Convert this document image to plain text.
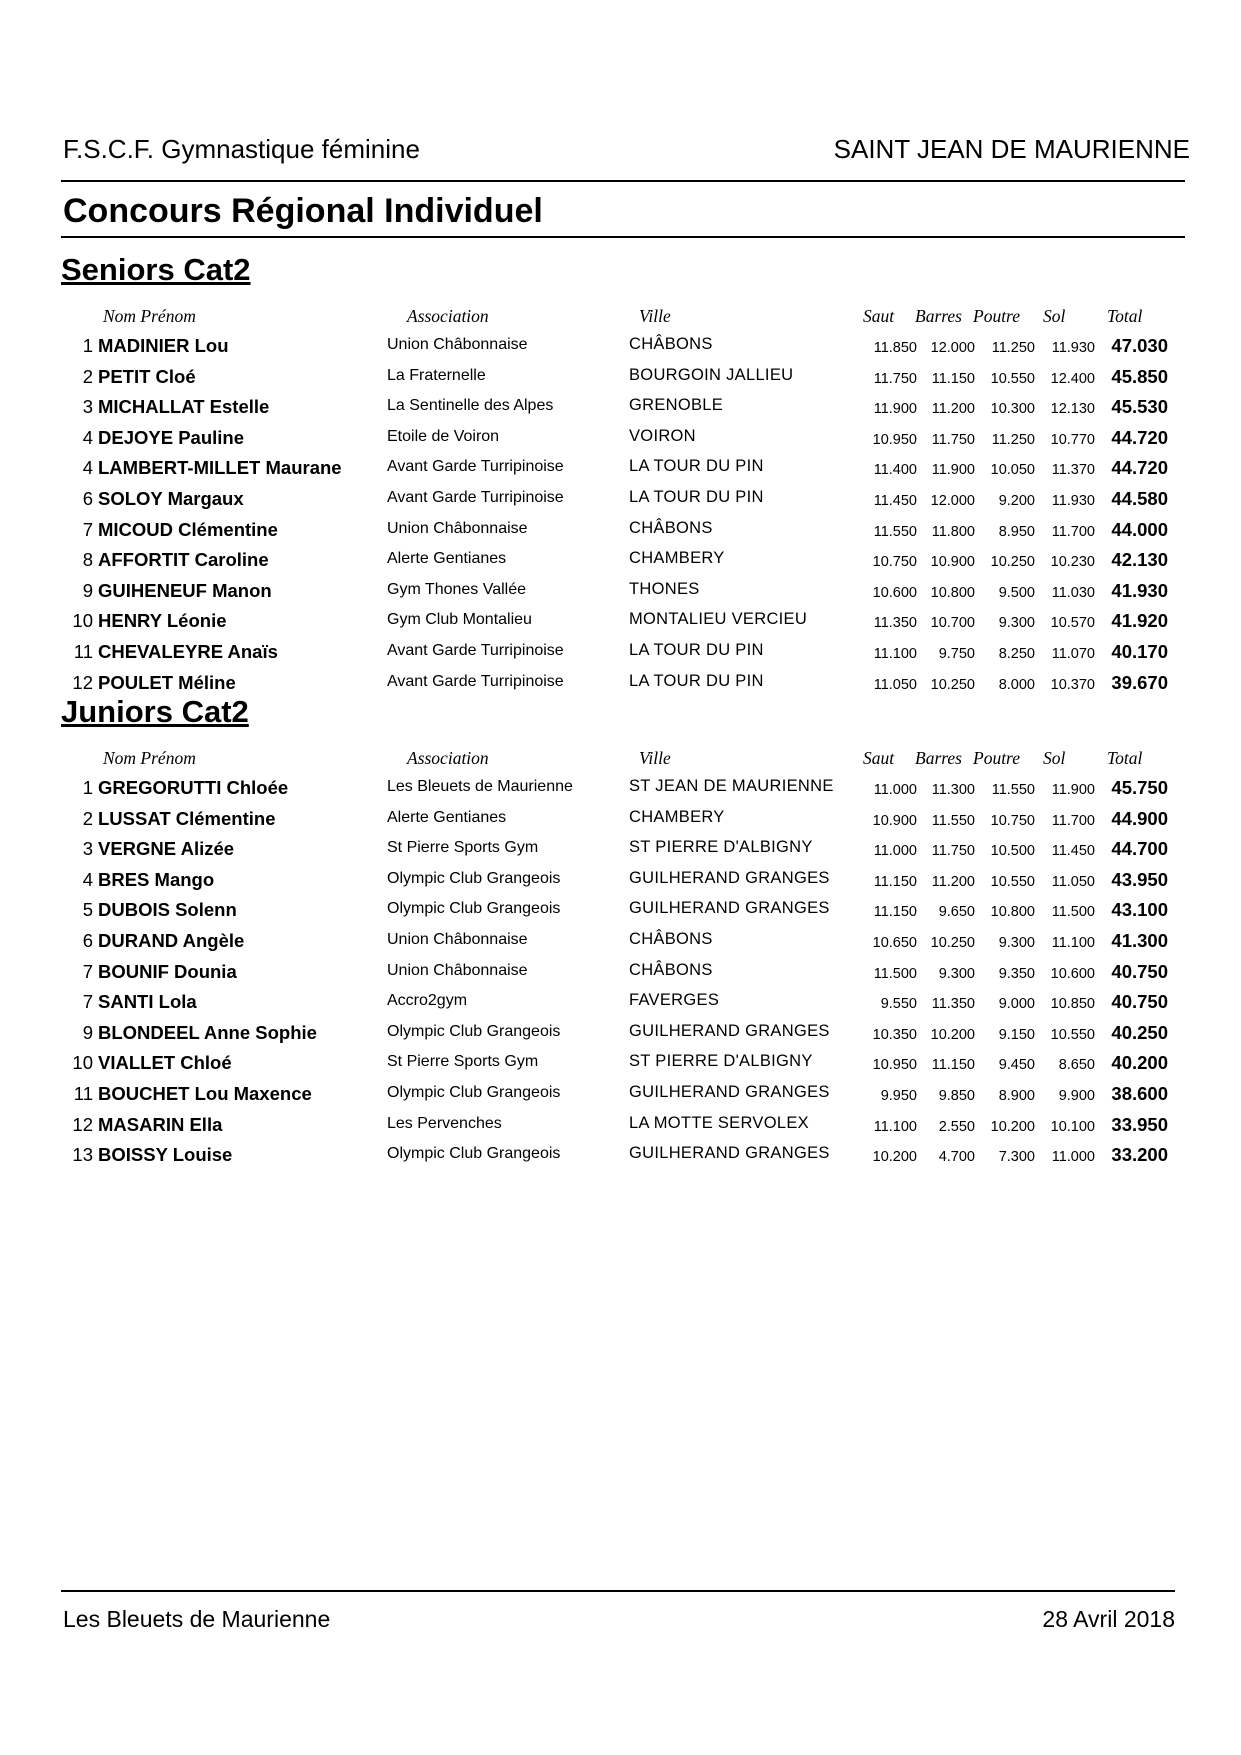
F.S.C.F. Gymnastique féminine	SAINT JEAN DE MAURIENNE
Concours Régional Individuel
Seniors Cat2
Nom Prénom	Association	Ville	Saut Barres Poutre Sol Total
1 MADINIER Lou	Union Châbonnaise	CHÂBONS	11.850 12.000	11.250	11.930 47.030
2 PETIT Cloé	La Fraternelle	BOURGOIN JALLIEU	11.750	11.150	10.550	12.400 45.850
3 MICHALLAT Estelle	La Sentinelle des Alpes	GRENOBLE	11.900	11.200	10.300	12.130 45.530
4 DEJOYE Pauline	Etoile de Voiron	VOIRON	10.950	11.750	11.250	10.770 44.720
4 LAMBERT-MILLET Maurane	Avant Garde Turripinoise	LA TOUR DU PIN	11.400	11.900	10.050	11.370 44.720
6 SOLOY Margaux	Avant Garde Turripinoise	LA TOUR DU PIN	11.450 12.000	9.200	11.930 44.580
7 MICOUD Clémentine	Union Châbonnaise	CHÂBONS	11.550	11.800	8.950	11.700 44.000
8 AFFORTIT Caroline	Alerte Gentianes	CHAMBERY	10.750 10.900	10.250	10.230 42.130
9 GUIHENEUF Manon	Gym Thones Vallée	THONES	10.600 10.800	9.500	11.030 41.930
10 HENRY Léonie	Gym Club Montalieu	MONTALIEU VERCIEU	11.350 10.700	9.300	10.570 41.920
11 CHEVALEYRE Anaïs	Avant Garde Turripinoise	LA TOUR DU PIN	11.100	9.750	8.250	11.070 40.170
12 POULET Méline	Avant Garde Turripinoise	LA TOUR DU PIN	11.050 10.250	8.000	10.370 39.670
Juniors Cat2
Nom Prénom	Association	Ville	Saut Barres Poutre Sol Total
1 GREGORUTTI Chloée	Les Bleuets de Maurienne	ST JEAN DE MAURIENNE	11.000	11.300	11.550	11.900 45.750
2 LUSSAT Clémentine	Alerte Gentianes	CHAMBERY	10.900	11.550	10.750	11.700 44.900
3 VERGNE Alizée	St Pierre Sports Gym	ST PIERRE D'ALBIGNY	11.000	11.750	10.500	11.450 44.700
4 BRES Mango	Olympic Club Grangeois	GUILHERAND GRANGES	11.150	11.200	10.550	11.050 43.950
5 DUBOIS Solenn	Olympic Club Grangeois	GUILHERAND GRANGES	11.150	9.650	10.800	11.500 43.100
6 DURAND Angèle	Union Châbonnaise	CHÂBONS	10.650 10.250	9.300	11.100 41.300
7 BOUNIF Dounia	Union Châbonnaise	CHÂBONS	11.500	9.300	9.350	10.600 40.750
7 SANTI Lola	Accro2gym	FAVERGES	9.550	11.350	9.000	10.850 40.750
9 BLONDEEL Anne Sophie	Olympic Club Grangeois	GUILHERAND GRANGES	10.350 10.200	9.150	10.550 40.250
10 VIALLET Chloé	St Pierre Sports Gym	ST PIERRE D'ALBIGNY	10.950	11.150	9.450	8.650 40.200
11 BOUCHET Lou Maxence	Olympic Club Grangeois	GUILHERAND GRANGES	9.950	9.850	8.900	9.900 38.600
12 MASARIN Ella	Les Pervenches	LA MOTTE SERVOLEX	11.100	2.550	10.200	10.100 33.950
13 BOISSY Louise	Olympic Club Grangeois	GUILHERAND GRANGES	10.200	4.700	7.300	11.000 33.200
Les Bleuets de Maurienne	28 Avril 2018
